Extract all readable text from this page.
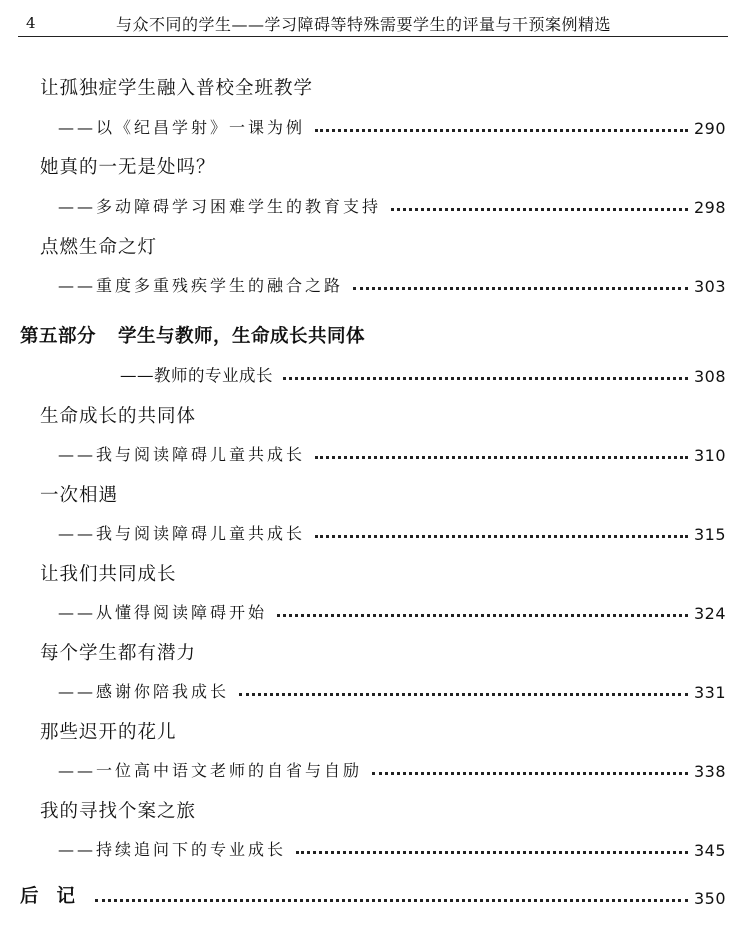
4	与众不同的学生——学习障碍等特殊需要学生的评量与干预案例精选
让孤独症学生融入普校全班教学
——以《纪昌学射》一课为例	290
她真的一无是处吗？
——多动障碍学习困难学生的教育支持	298
点燃生命之灯
——重度多重残疾学生的融合之路	303
第五部分 学生与教师，生命成长共同体
——教师的专业成长	308
生命成长的共同体
——我与阅读障碍儿童共成长	310
一次相遇
——我与阅读障碍儿童共成长	315
让我们共同成长
——从懂得阅读障碍开始	324
每个学生都有潜力
——感谢你陪我成长	331
那些迟开的花儿
——一位高中语文老师的自省与自励	338
我的寻找个案之旅
——持续追问下的专业成长	345
后记	350
